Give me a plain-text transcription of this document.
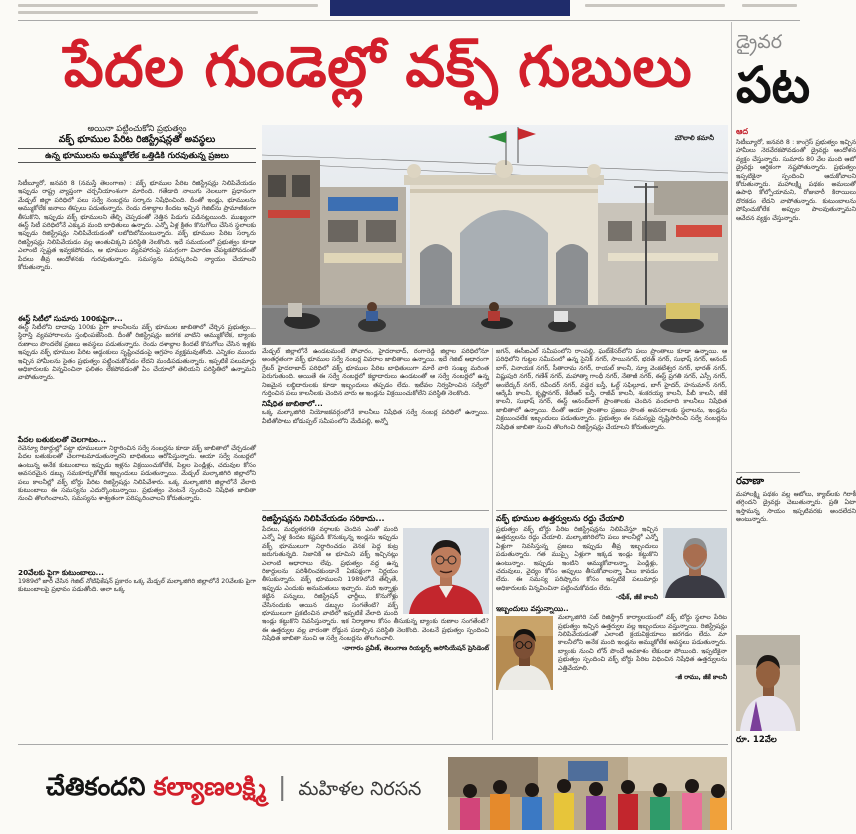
పేదల గుండెల్లో వక్ఫ్ గుబులు
అయినా పట్టించుకోని ప్రభుత్వం
వక్ఫ్ భూముల పేరిట రిజిస్ట్రేషన్లతో అవస్థలు
ఉన్న భూములను అమ్ముకోలేక ఒత్తిడికి గురవుతున్న ప్రజలు

సిటీబ్యూరో, జనవరి 8 (నమస్తే తెలంగాణ) : వక్ఫ్ భూముల పేరిట రిజిస్ట్రేషన్లు నిలిపివేయడం ఇప్పుడు రాష్ట్ర వ్యాప్తంగా చర్చనీయాంశంగా మారింది. గతేడాది నాలుగు నెలలుగా ప్రధానంగా మేడ్చల్ జిల్లా పరిధిలో పలు సర్వే నంబర్లను సర్కారు నిషేధించింది. దీంతో ఇండ్లు, భూములను అమ్ముకోలేక జనాలు తిప్పలు పడుతున్నారు. రెండు దశాబ్దాల కిందట ఇచ్చిన గెజిట్‌ను ప్రామాణికంగా తీసుకొని, ఇప్పుడు వక్ఫ్ భూములని తేల్చి చెప్పడంతో నెత్తిన పిడుగు పడినట్లయింది. ముఖ్యంగా ఈస్ట్ సిటీ పరిధిలోనే ఎక్కువ మంది బాధితులు ఉన్నారు. ఎన్నో ఏళ్ల క్రితం కొనుగోలు చేసిన స్థలాలకు ఇప్పుడు రిజిస్ట్రేషన్లు నిలిపివేయడంతో లబోదిబోమంటున్నారు. వక్ఫ్ భూముల పేరిట సర్కారు రిజిస్ట్రేషన్లు నిలిపివేయడం వల్ల అంతుచిక్కని పరిస్థితి నెలకొంది. ఇదే సమయంలో ప్రభుత్వం కూడా ఎలాంటి స్పష్టత ఇవ్వకపోవడం, ఆ భూముల వ్యవహారంపై సమగ్రంగా విచారణ చేపట్టకపోవడంతో పేదలు తీవ్ర ఆందోళనకు గురవుతున్నారు. సమస్యను పరిష్కరించి న్యాయం చేయాలని కోరుతున్నారు.

ఈస్ట్ సిటీలో సుమారు 100కుపైగా...

ఈస్ట్ సిటీలోని దాదాపు 100కు పైగా కాలనీలను వక్ఫ్ భూముల జాబితాలో చేర్చిన ప్రభుత్వం... స్థిరాస్తి వ్యవహారాలను స్తంభింపజేసింది. దీంతో రిజిస్ట్రేషన్లు జరగక వాటిని అమ్ముకోలేక, బ్యాంకు రుణాలు పొందలేక ప్రజలు అవస్థలు పడుతున్నారు. రెండు దశాబ్దాల కిందటే కొనుగోలు చేసిన ఇళ్లకు ఇప్పుడు వక్ఫ్ భూముల పేరిట అడ్డంకులు సృష్టించడంపై ఆగ్రహం వ్యక్తమవుతోంది. ఎన్నికల ముందు ఇచ్చిన హామీలను సైతం ప్రభుత్వం పట్టించుకోవడం లేదని మండిపడుతున్నారు. ఇప్పటికే పలుమార్లు అధికారులకు విన్నవించినా ఫలితం లేకపోవడంతో ఏం చేయాలో తెలియని పరిస్థితిలో ఉన్నామని వాపోతున్నారు.

పేదల బతుకులతో చెలగాటం...

రెవెన్యూ రికార్డుల్లో పట్టా భూములుగా నిర్ధారించిన సర్వే నంబర్లను కూడా వక్ఫ్ జాబితాలో చేర్చడంతో పేదల బతుకులతో చెలగాటమాడుతున్నారని బాధితులు ఆరోపిస్తున్నారు. ఆయా సర్వే నంబర్లలో ఉంటున్న అనేక కుటుంబాలు ఇప్పుడు ఇళ్లను విక్రయించుకోలేక, పిల్లల పెండ్లిళ్లు, చదువుల కోసం అవసరమైన డబ్బు సమకూర్చుకోలేక ఇబ్బందులు పడుతున్నాయి. మేడ్చల్ మల్కాజిగిరి జిల్లాలోని పలు కాలనీల్లో వక్ఫ్ బోర్డు పేరిట రిజిస్ట్రేషన్లు నిలిపివేశారు. ఒక్క మల్కాజిగిరి జిల్లాలోనే వేలాది కుటుంబాలు ఈ సమస్యను ఎదుర్కొంటున్నాయి. ప్రభుత్వం వెంటనే స్పందించి నిషేధిత జాబితా నుంచి తొలగించాలని, సమస్యను శాశ్వతంగా పరిష్కరించాలని కోరుతున్నారు.

20వేలకు పైగా కుటుంబాలు...

1989లో జారీ చేసిన గెజిట్ నోటిఫికేషన్ ప్రకారం ఒక్క మేడ్చల్ మల్కాజిగిరి జిల్లాలోనే 20వేలకు పైగా కుటుంబాలపై ప్రభావం పడుతోంది. అలా ఒక్క

మౌలాలి కమానీ

మేడ్చల్ జిల్లాలోనే ఉండటమంటే పోచారం, హైదరాబాద్, రంగారెడ్డి జిల్లాల పరిధిలోనూ అంతర్గతంగా వక్ఫ్ భూముల సర్వే నంబర్ల వివరాల జాబితాలు ఉన్నాయి. ఇదే గెజిట్ ఆధారంగా గ్రేటర్ హైదరాబాద్ పరిధిలో వక్ఫ్ భూముల పేరిట బాధితులుగా మారే వారి సంఖ్య మరింత పెరుగుతుంది. అయితే ఈ సర్వే నంబర్లలో కబ్జాదారులు ఉండటంతో ఆ సర్వే నంబర్లలో ఉన్న నిజమైన లబ్ధిదారులకు కూడా ఇబ్బందులు తప్పడం లేదు. ఇటీవల నిర్వహించిన సర్వేలో గుర్తించిన పలు కాలనీలకు చెందిన వారు ఆ ఇండ్లను విక్రయించుకోలేని పరిస్థితి నెలకొంది.

నిషేధిత జాబితాలో...

ఒక్క మల్కాజిగిరి నియోజకవర్గంలోనే కాలనీలు నిషేధిత సర్వే నంబర్ల పరిధిలో ఉన్నాయి. వీటితోపాటు బోడుప్పల్ సమీపంలోని మేడిపల్లి, అన్నో

జగన్, ఈసీఐఎల్ సమీపంలోని రాంపల్లి, ఘట్‌కేసర్‌లోని పలు ప్రాంతాలు కూడా ఉన్నాయి. ఆ పరిధిలోని గుట్టల సమీపంలో ఉన్న సైనిక్ నగర్, సాయినగర్, భరత్ నగర్, సుభాష్ నగర్, ఆనంద్ బాగ్, వినాయక నగర్, సీతారామ నగర్, రాయల్ కాలనీ, న్యూ వెంకటేశ్వర నగర్, భారత్ నగర్, విష్ణుపురి నగర్, గణేశ్ నగర్, మహాత్మా గాంధీ నగర్, నేతాజీ నగర్, ఈస్ట్ ప్రగతి నగర్, ఎస్సీ నగర్, అంబేద్కర్ నగర్, రవీందర్ నగర్, వడ్డెర బస్తీ, ఓల్డ్ సఫిల్గూడ, బాగ్ హైదర్, హనుమాన్ నగర్, ఆర్కేపీ కాలనీ, కృష్ణానగర్, కేటీఆర్ బస్తీ, రాజీవ్ కాలనీ, శంకరయ్య కాలనీ, పీబీ కాలనీ, జీకే కాలనీ, సుభాష్ నగర్, ఈస్ట్ ఆనంద్‌బాగ్ ప్రాంతాలకు చెందిన వందలాది కాలనీలు నిషేధిత జాబితాలో ఉన్నాయి. దీంతో ఆయా ప్రాంతాల ప్రజలు సొంత అవసరాలకు స్థలాలను, ఇండ్లను విక్రయించలేక ఇబ్బందులు పడుతున్నారు. ప్రభుత్వం ఈ సమస్యపై దృష్టిసారించి సర్వే నంబర్లను నిషేధిత జాబితా నుంచి తొలగించి రిజిస్ట్రేషన్లు చేయాలని కోరుతున్నారు.

రిజిస్ట్రేషన్లను నిలిపివేయడం సరికాదు...

పేదలు, మధ్యతరగతి వర్గాలకు చెందిన ఎంతో మంది ఎన్నో ఏళ్ల కిందట కష్టపడి కొనుక్కున్న ఇండ్లను ఇప్పుడు వక్ఫ్ భూములుగా నిర్ధారించడం వెనక పెద్ద కుట్ర జరుగుతున్నది. నిజానికి ఆ భూమిని వక్ఫ్ ఇచ్చినట్లు ఎలాంటి ఆధారాలు లేవు. ప్రభుత్వం వద్ద ఉన్న రికార్డులను పరిశీలించకుండానే ఏకపక్షంగా నిర్ణయం తీసుకున్నారు. వక్ఫ్ భూములని 1989లోనే తేల్చితే, ఇప్పుడు ఎందుకు అనుమతులు ఇచ్చారు. మరి ఇన్నాళ్లు కట్టిన పన్నులు, రిజిస్ట్రేషన్ ఛార్జీలు, కొనుగోళ్లు చేసినందుకు అయిన డబ్బుల సంగతేంటి? వక్ఫ్ భూములుగా ప్రకటించిన వాటిలో ఇప్పటికే వేలాది మంది ఇండ్లు కట్టుకొని నివసిస్తున్నారు. ఇక నిర్మాణాల కోసం తీసుకున్న బ్యాంకు రుణాల సంగతేంటి? ఈ ఉత్తర్వుల వల్ల వారంతా రోడ్డున పడాల్సిన పరిస్థితి నెలకొంది. వెంటనే ప్రభుత్వం స్పందించి నిషేధిత జాబితా నుంచి ఆ సర్వే నంబర్లను తొలగించాలి.

-నాగారం ప్రవీణ్, తెలంగాణ రియల్టర్స్ అసోసియేషన్ ప్రెసిడెంట్
వక్ఫ్ భూముల ఉత్తర్వులను రద్దు చేయాలి

ప్రభుత్వం వక్ఫ్ బోర్డు పేరిట రిజిస్ట్రేషన్లను నిలిపివేస్తూ ఇచ్చిన ఉత్తర్వులను రద్దు చేయాలి. మల్కాజిగిరిలోని పలు కాలనీల్లో ఎన్నో ఏళ్లుగా నివసిస్తున్న ప్రజలు ఇప్పుడు తీవ్ర ఇబ్బందులు పడుతున్నారు. గత ముప్పై ఏళ్లుగా ఇక్కడ ఇండ్లు కట్టుకొని ఉంటున్నాం. ఇప్పుడు ఇంటిని అమ్ముకోవాలన్నా, పెండ్లిళ్లు, చదువులు, వైద్యం కోసం అప్పులు తీసుకోవాలన్నా వీలు కావడం లేదు. ఈ సమస్య పరిష్కారం కోసం ఇప్పటికే పలుమార్లు అధికారులకు విన్నవించినా పట్టించుకోవడం లేదు.

-రఫీక్, జీకే కాలనీ
ఇబ్బందులు వస్తున్నాయి..

మల్కాజిగిరి సబ్ రిజిస్ట్రార్ కార్యాలయంలో వక్ఫ్ బోర్డు స్థలాల పేరిట ప్రభుత్వం ఇచ్చిన ఉత్తర్వుల వల్ల ఇబ్బందులు వస్తున్నాయి. రిజిస్ట్రేషన్లు నిలిపివేయడంతో ఎలాంటి క్రయవిక్రయాలు జరగడం లేదు. మా కాలనీలోని అనేక మంది ఇండ్లను అమ్ముకోలేక అవస్థలు పడుతున్నారు. బ్యాంకు నుంచి లోన్ పొందే అవకాశం లేకుండా పోయింది. ఇప్పటికైనా ప్రభుత్వం స్పందించి వక్ఫ్ బోర్డు పేరిట విధించిన నిషేధిత ఉత్తర్వులను ఎత్తివేయాలి.

-జీ రాము, జీకే కాలనీ
చేతికందని కల్యాణలక్ష్మి | మహిళల నిరసన
డ్రైవర
పట
ఆద

సిటీబ్యూరో, జనవరి 8 : కాంగ్రెస్ ప్రభుత్వం ఇచ్చిన హామీలు నెరవేరకపోవడంతో డ్రైవర్లు ఆందోళన వ్యక్తం చేస్తున్నారు. సుమారు 80 వేల మంది ఆటో డ్రైవర్లు ఆర్థికంగా నష్టపోతున్నారు. ప్రభుత్వం ఇప్పటికైనా స్పందించి ఆదుకోవాలని కోరుతున్నారు. మహాలక్ష్మి పథకం అమలుతో ఉపాధి కోల్పోయామని, రోజువారీ కిరాయిలు దొరకడం లేదని వాపోతున్నారు. కుటుంబాలను పోషించుకోలేక అప్పుల పాలవుతున్నామని ఆవేదన వ్యక్తం చేస్తున్నారు.

రవాణా

మహాలక్ష్మి పథకం వల్ల ఆటోలు, క్యాబ్‌లకు గిరాకీ తగ్గిందని డ్రైవర్లు చెబుతున్నారు. ప్రతి ఏటా ఇస్తామన్న సాయం ఇప్పటివరకు అందలేదని అంటున్నారు.

రూ. 12వేల
